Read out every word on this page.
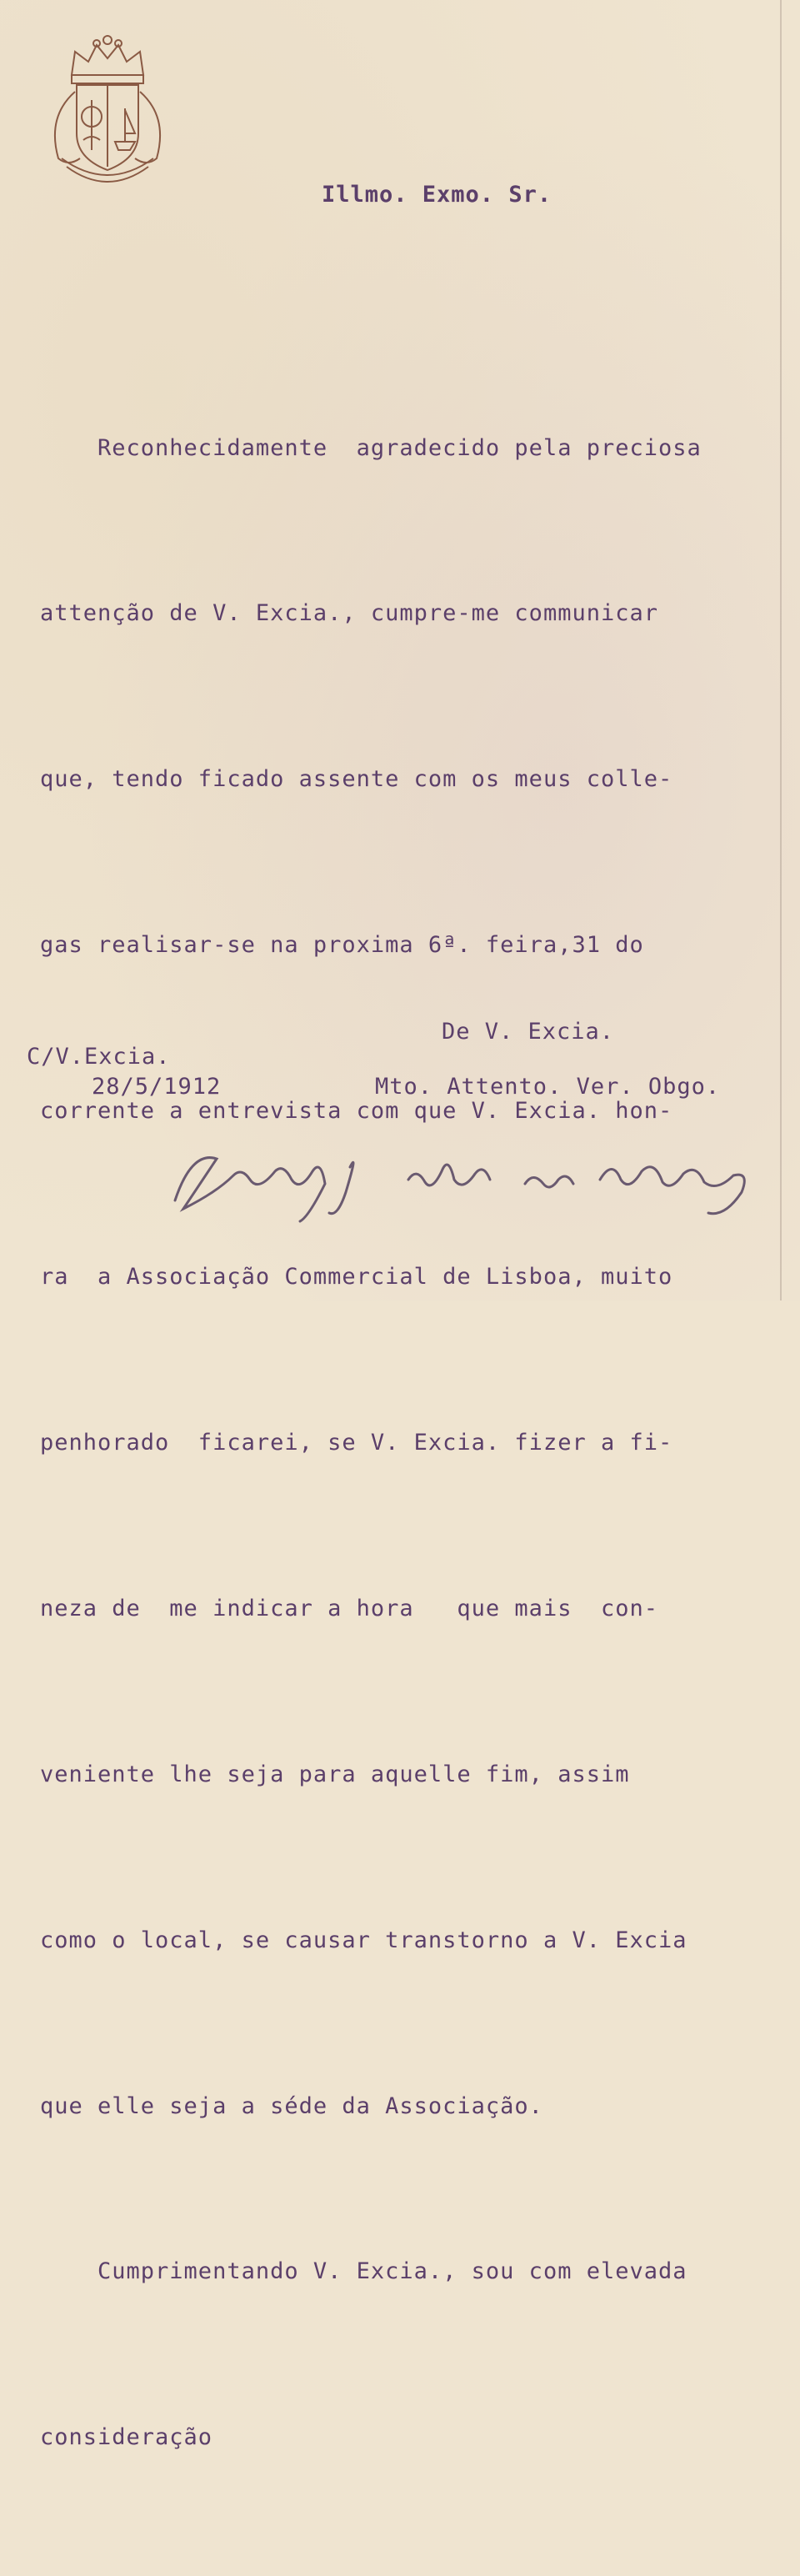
Illmo. Exmo. Sr.

Reconhecidamente  agradecido pela preciosa

attenção de V. Excia., cumpre-me communicar

que, tendo ficado assente com os meus colle-

gas realisar-se na proxima 6ª. feira,31 do

corrente a entrevista com que V. Excia. hon-

ra  a Associação Commercial de Lisboa, muito

penhorado  ficarei, se V. Excia. fizer a fi-

neza de  me indicar a hora   que mais  con-

veniente lhe seja para aquelle fim, assim

como o local, se causar transtorno a V. Excia

que elle seja a séde da Associação.

Cumprimentando V. Excia., sou com elevada

consideração

De V. Excia.

Mto. Attento. Ver. Obgo.

C/V.Excia.

28/5/1912
